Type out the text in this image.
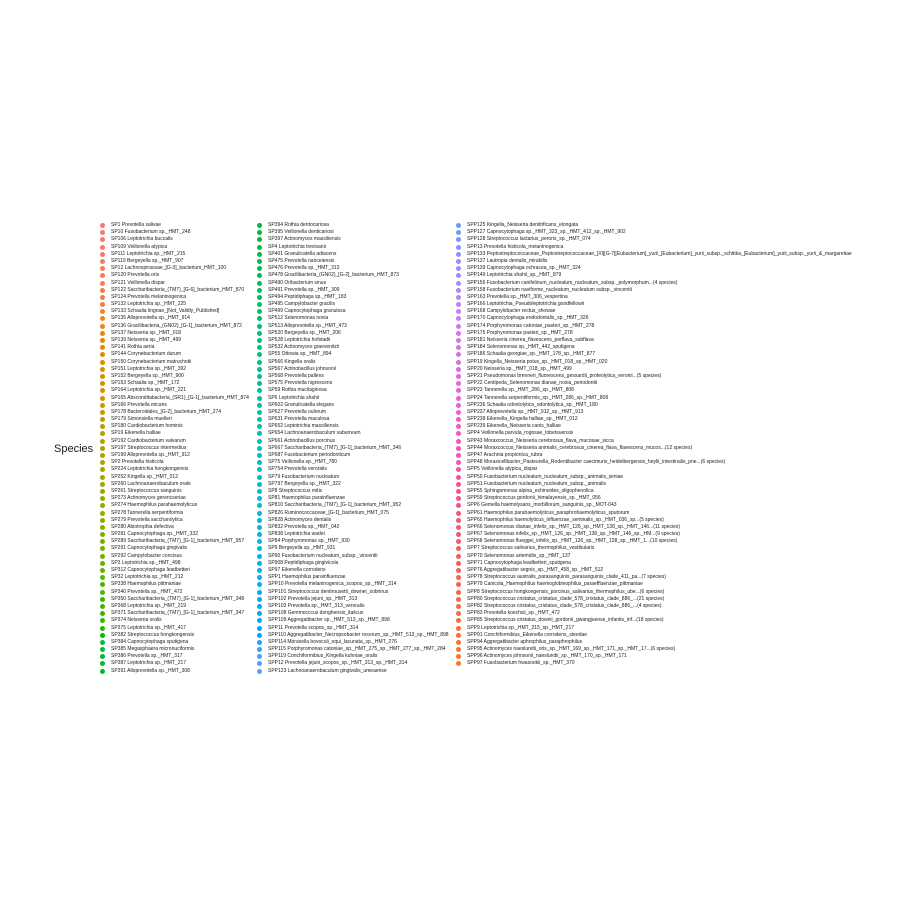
Species
SP1 Prevotella salivae
SP10 Fusobacterium sp._HMT_248
SP106 Leptotrichia buccalis
SP109 Veillonella atypica
SP111 Leptotrichia sp._HMT_215
SP119 Bergeyella sp._HMT_907
SP12 Lachnospiraceae_[G-3]_bacterium_HMT_100
SP120 Prevotella oris
SP121 Veillonella dispar
SP122 Saccharibacteria_(TM7)_[G-6]_bacterium_HMT_870
SP124 Prevotella melaninogenica
SP132 Leptotrichia sp._HMT_225
SP133 Schaalia lingnae_[Not_Validly_Published]
SP135 Alloprevotella sp._HMT_914
SP136 Gracilibacteria_(GN02)_[G-1]_bacterium_HMT_872
SP137 Neisseria sp._HMT_018
SP139 Neisseria sp._HMT_499
SP141 Rothia aeria
SP144 Corynebacterium durum
SP150 Corynebacterium matruchotii
SP151 Leptotrichia sp._HMT_392
SP152 Bergeyella sp._HMT_900
SP153 Schaalia sp._HMT_172
SP164 Leptotrichia sp._HMT_221
SP165 Absconditabacteria_(SR1)_[G-1]_bacterium_HMT_874
SP166 Prevotella micans
SP178 Bacteroidales_[G-2]_bacterium_HMT_274
SP179 Simonsiella muelleri
SP180 Cardiobacterium hominis
SP19 Eikenella halliae
SP192 Cardiobacterium valvarum
SP197 Streptococcus intermedius
SP199 Alloprevotella sp._HMT_912
SP2 Prevotella histicola
SP224 Leptotrichia hongkongensis
SP252 Kingella sp._HMT_012
SP260 Lachnoanaerobaculum orale
SP261 Streptococcus sanguinis
SP273 Actinomyces gerencseriae
SP274 Haemophilus parahaemolyticus
SP278 Tannerella serpentiformis
SP279 Prevotella saccharolytica
SP280 Abiotrophia defectiva
SP281 Capnocytophaga sp._HMT_332
SP289 Saccharibacteria_(TM7)_[G-1]_bacterium_HMT_957
SP291 Capnocytophaga gingivalis
SP292 Campylobacter concisus
SP3 Leptotrichia sp._HMT_498
SP312 Capnocytophaga leadbetteri
SP32 Leptotrichia sp._HMT_212
SP338 Haemophilus pittmaniae
SP340 Prevotella sp._HMT_472
SP350 Saccharibacteria_(TM7)_[G-1]_bacterium_HMT_348
SP368 Leptotrichia sp._HMT_219
SP371 Saccharibacteria_(TM7)_[G-1]_bacterium_HMT_347
SP374 Neisseria oralis
SP375 Leptotrichia sp._HMT_417
SP382 Streptococcus hongkongensis
SP384 Capnocytophaga sputigena
SP385 Megasphaera micronuciformis
SP386 Prevotella sp._HMT_317
SP387 Leptotrichia sp._HMT_217
SP391 Alloprevotella sp._HMT_308
SP394 Rothia dentocariosa
SP395 Veillonella denticariosi
SP397 Actinomyces massiliensis
SP4 Leptotrichia trevisanii
SP401 Granulicatella adiacens
SP475 Prevotella nanceiensis
SP476 Prevotella sp._HMT_313
SP478 Gracilibacteria_(GN02)_[G-2]_bacterium_HMT_873
SP490 Oribacterium sinus
SP491 Prevotella sp._HMT_309
SP494 Peptidiphaga sp._HMT_183
SP495 Campylobacter gracilis
SP499 Capnocytophaga granulosa
SP512 Selenomonas noxia
SP513 Alloprevotella sp._HMT_473
SP520 Bergeyella sp._HMT_206
SP528 Leptotrichia hofstadii
SP532 Actinomyces graevenitzii
SP55 Ottowia sp._HMT_894
SP566 Kingella oralis
SP567 Actinobacillus johnsonii
SP568 Prevotella pallens
SP575 Prevotella nigrescens
SP59 Rothia mucilaginosa
SP6 Leptotrichia shahii
SP602 Granulicatella elegans
SP627 Prevotella oulorum
SP631 Prevotella maculosa
SP652 Leptotrichia massiliensis
SP654 Lachnoanaerobaculum saburreum
SP661 Actinobacillus porcinus
SP667 Saccharibacteria_(TM7)_[G-1]_bacterium_HMT_346
SP687 Fusobacterium periodonticum
SP75 Veillonella sp._HMT_780
SP754 Prevotella veroralis
SP79 Fusobacterium nucleatum
SP797 Bergeyella sp._HMT_322
SP8 Streptococcus mitis
SP81 Haemophilus parainfluenzae
SP810 Saccharibacteria_(TM7)_[G-1]_bacterium_HMT_952
SP826 Ruminococcaceae_[G-1]_bacterium_HMT_075
SP828 Actinomyces dentalis
SP832 Prevotella sp._HMT_042
SP838 Leptotrichia wadei
SP84 Porphyromonas sp._HMT_930
SP9 Bergeyella sp._HMT_931
SP90 Fusobacterium nucleatum_subsp._vincentii
SP908 Peptidiphaga gingivicola
SP97 Eikenella corrodens
SPP1 Haemophilus parainfluenzae
SPP10 Prevotella melaninogenica_scopos_sp._HMT_314
SPP101 Streptococcus dentirousetti_downei_sobrinus
SPP102 Prevotella jejuni_sp._HMT_313
SPP103 Prevotella sp._HMT_313_veroralis
SPP108 Gemmocccus donghensis_italicus
SPP109 Aggregatibacter sp._HMT_513_sp._HMT_898
SPP11 Prevotella scopos_sp._HMT_314
SPP110 Aggregatibacter_Necropsobacter rosorum_sp._HMT_513_sp._HMT_898
SPP114 Moraxella bovoculi_equi_lacunata_sp._HMT_276
SPP115 Porphyromonas catoniae_sp._HMT_275_sp._HMT_277_sp._HMT_284
SPP119 Conchiformibius_Kingella kuhniae_oralis
SPP12 Prevotella jejuni_scopos_sp._HMT_313_sp._HMT_314
SPP123 Lachnoanaerobaculum gingivalis_umeaense
SPP125 Kingella_Neisseria denitrificans_elongata
SPP127 Capnocytophaga sp._HMT_323_sp._HMT_412_sp._HMT_902
SPP128 Streptococcus lactarius_peroris_sp._HMT_074
SPP13 Prevotella histicola_melaninogenica
SPP133 Peptostreptococcaceae_Peptostreptococcaceae_[XI][G-7][Eubacterium]_yurii_[Eubacterium]_yurii_subsp._schtitka_[Eubacterium]_yurii_subsp._yurii_&_margaretiae
SPP137 Lautropia dentalis_mirabilis
SPP139 Capnocytophaga ochracea_sp._HMT_324
SPP149 Leptotrichia shahii_sp._HMT_879
SPP156 Fusobacterium canifelinum_nucleatum_nucleatum_subsp._polymorphum...(4 species)
SPP158 Fusobacterium naviforme_nucleatum_nucleatum subsp._vincentii
SPP163 Prevotella sp._HMT_306_vespertina
SPP166 Leptotrichia_Pseudoleptotrichia goodfellowii
SPP168 Campylobacter rectus_showae
SPP170 Capnocytophaga endodontalis_sp._HMT_326
SPP174 Porphyromonas catoniae_pasteri_sp._HMT_278
SPP175 Porphyromonas pasteri_sp._HMT_278
SPP181 Neisseria cinerea_flavescens_perflava_subflava
SPP184 Selenomonas sp._HMT_442_sputigena
SPP186 Schaalia georgiae_sp._HMT_178_sp._HMT_877
SPP19 Kingella_Neisseria potus_sp._HMT_018_sp._HMT_020
SPP20 Neisseria sp._HMT_018_sp._HMT_499
SPP21 Pseudomonas brenneri_fluorescens_gessardii_proteolytica_veronii...(5 species)
SPP22 Centipeda_Selenomonas dianae_noxia_periodontii
SPP23 Tannerella sp._HMT_286_sp._HMT_808
SPP24 Tannerella serpentiformis_sp._HMT_286_sp._HMT_808
SPP236 Schaalia odontolytica_odontolytica_sp._HMT_180
SPP237 Alloprevotella sp._HMT_912_sp._HMT_913
SPP238 Eikenella_Kingella halliae_sp._HMT_012
SPP239 Eikenella_Neisseria canis_halliae
SPP4 Veillonella parvula_rogosae_tobetsuensis
SPP43 Moraxcoccus_Neisseria cerebrosus_flava_mucosae_sicca
SPP44 Moraxcoccus_Neisseria animalis_cerebrosus_cinerea_flava_flavescens_mucos...(12 species)
SPP47 Arachnia propionica_rubra
SPP48 Moraxicellbacter_Pasteurella_Rodentibacter caecimuris_heidelbergensis_heylii_intestinalis_pne...(6 species)
SPP5 Veillonella atypica_dispar
SPP50 Fusobacterium nucleatum_nucleatum_subsp._animalis_simiae
SPP51 Fusobacterium nucleatum_nucleatum_subsp._animalis
SPP55 Sphingomonas alpina_echinoides_oligophenolica
SPP59 Streptococcus gordonii_himalayensis_sp._HMT_056
SPP6 Gemella haemolysans_morbillorum_sanguinis_sp._MOT-043
SPP61 Haemophilus parahaemolyticus_paraphrohaemolyticus_sputorum
SPP65 Haemophilus haemolyticus_influenzae_seminalis_sp._HMT_036_sp...(5 species)
SPP66 Selenomonas dianae_infelix_sp._HMT_126_sp._HMT_138_sp._HMT_146...(11 species)
SPP67 Selenomonas infelix_sp._HMT_126_sp._HMT_138_sp._HMT_146_sp._HM...(9 species)
SPP68 Selenomonas flueggei_infelix_sp._HMT_126_sp._HMT_138_sp._HMT_1...(10 species)
SPP7 Streptococcus salivarius_thermophilus_vestibularis
SPP70 Selenomonas artemidis_sp._HMT_137
SPP71 Capnocytophaga leadbetteri_sputigena
SPP76 Aggregatibacter segnis_sp._HMT_458_sp._HMT_512
SPP78 Streptococcus australis_parasanguinis_parasanguinis_clade_411_pa...(7 species)
SPP79 Canicola_Haemophilus haemoglobinophilus_paraeffluenzae_pittmaniae
SPP8 Streptococcus hongkongensis_porcinus_salivarius_thermophilus_ube...(6 species)
SPP80 Streptococcus cristatus_cristatus_clade_578_cristatus_clade_886_...(21 species)
SPP82 Streptococcus cristatus_cristatus_clade_578_cristatus_clade_886_...(4 species)
SPP83 Prevotella koechsii_sp._HMT_472
SPP85 Streptococcus cristatus_downii_gordonii_gwangjuense_infantis_inf...(18 species)
SPP9 Leptotrichia sp._HMT_215_sp._HMT_217
SPP91 Conchiformibius_Eikenella corrodens_steedae
SPP94 Aggregatibacter aphrophilus_paraphrophilus
SPP95 Actinomyces naeslundii_oris_sp._HMT_169_sp._HMT_171_sp._HMT_17...(6 species)
SPP96 Actinomyces johnsonii_naeslundii_sp._HMT_170_sp._HMT_171
SPP97 Fusobacterium hwasookii_sp._HMT_370
